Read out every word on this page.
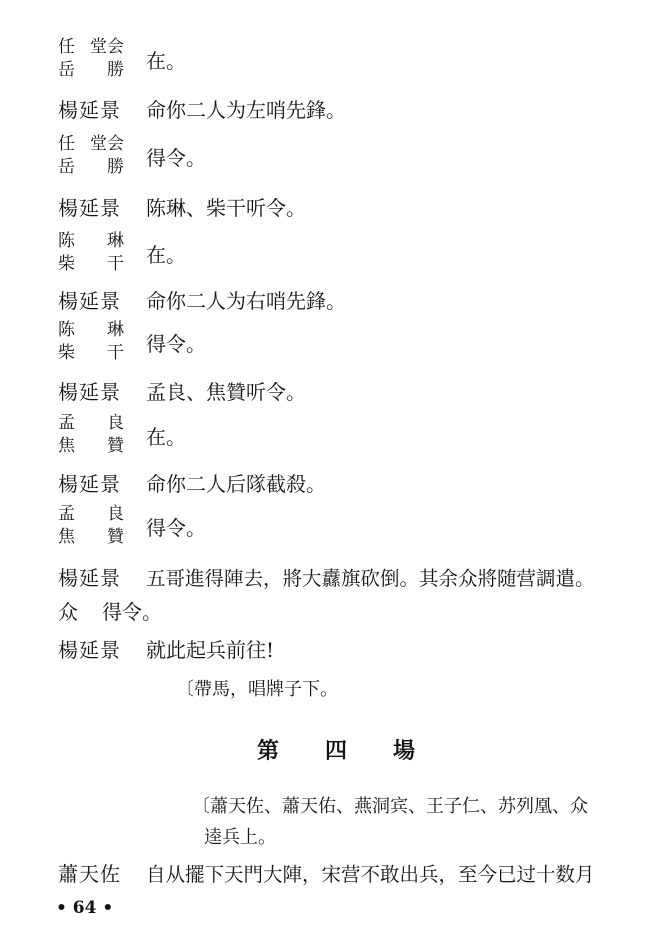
任 堂会
岳 勝 在。
楊延景	命你二人为左哨先鋒。
任 堂会
岳 勝 得令。
楊延景	陈琳、柴干听令。
陈 琳
柴 干 在。
楊延景	命你二人为右哨先鋒。
陈 琳
柴 干 得令。
楊延景	孟良、焦贊听令。
孟 良
焦 贊 在。
楊延景	命你二人后隊截殺。
孟 良
焦 贊 得令。
楊延景	五哥進得陣去，將大纛旗砍倒。其余众將随营調遣。
众	得令。
楊延景	就此起兵前往!
〔帶馬，唱牌子下。
第 四 場
〔蕭天佐、蕭天佑、燕洞宾、王子仁、苏列凰、众
逵兵上。
蕭天佐	自从擺下天門大陣，宋营不敢出兵，至今已过十数月
• 64 •
